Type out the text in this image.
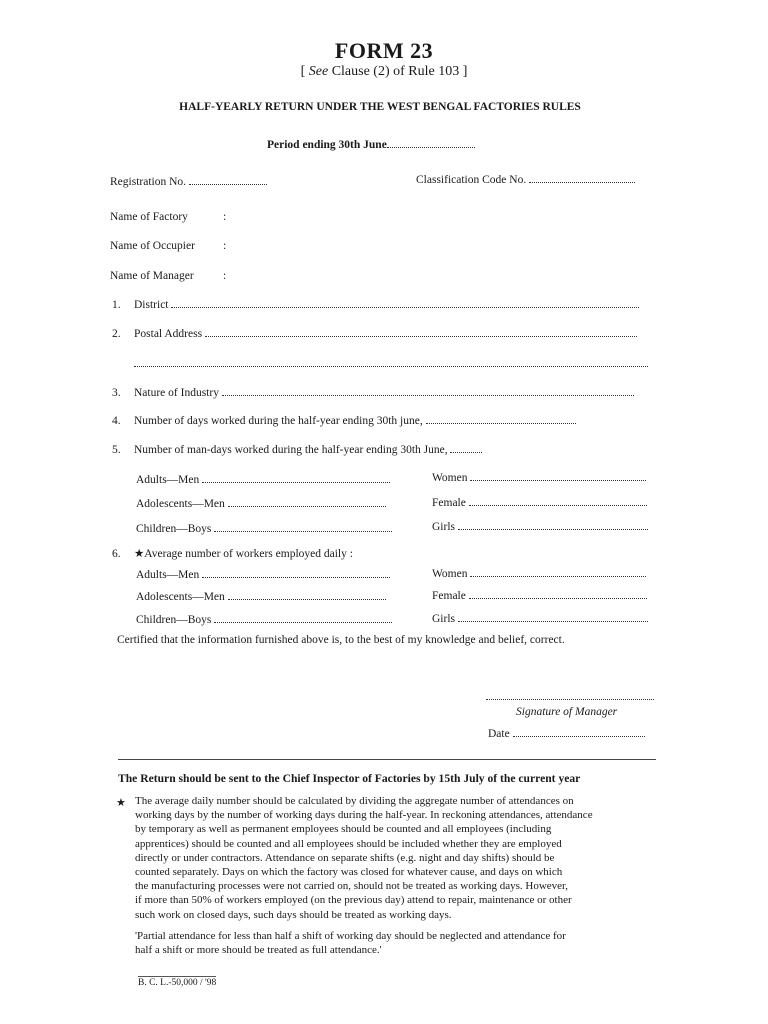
FORM 23
[ See Clause (2) of Rule 103 ]
HALF-YEARLY RETURN UNDER THE WEST BENGAL FACTORIES RULES
Period ending 30th June
Registration No.	Classification Code No.
Name of Factory	:
Name of Occupier :
Name of Manager	:
1. District
2. Postal Address
3. Nature of Industry
4. Number of days worked during the half-year ending 30th june,
5. Number of man-days worked during the half-year ending 30th June,
Adults—Men	Women
Adolescents—Men	Female
Children—Boys	Girls
6. ★Average number of workers employed daily :
Adults—Men	Women
Adolescents—Men	Female
Children—Boys	Girls
Certified that the information furnished above is, to the best of my knowledge and belief, correct.
Signature of Manager
Date
The Return should be sent to the Chief Inspector of Factories by 15th July of the current year
★ The average daily number should be calculated by dividing the aggregate number of attendances on
working days by the number of working days during the half-year. In reckoning attendances, attendance
by temporary as well as permanent employees should be counted and all employees (including
apprentices) should be counted and all employees should be included whether they are employed
directly or under contractors. Attendance on separate shifts (e.g. night and day shifts) should be
counted separately. Days on which the factory was closed for whatever cause, and days on which
the manufacturing processes were not carried on, should not be treated as working days. However,
if more than 50% of workers employed (on the previous day) attend to repair, maintenance or other
such work on closed days, such days should be treated as working days.
'Partial attendance for less than half a shift of working day should be neglected and attendance for
half a shift or more should be treated as full attendance.'
B. C. L.-50,000 / '98
